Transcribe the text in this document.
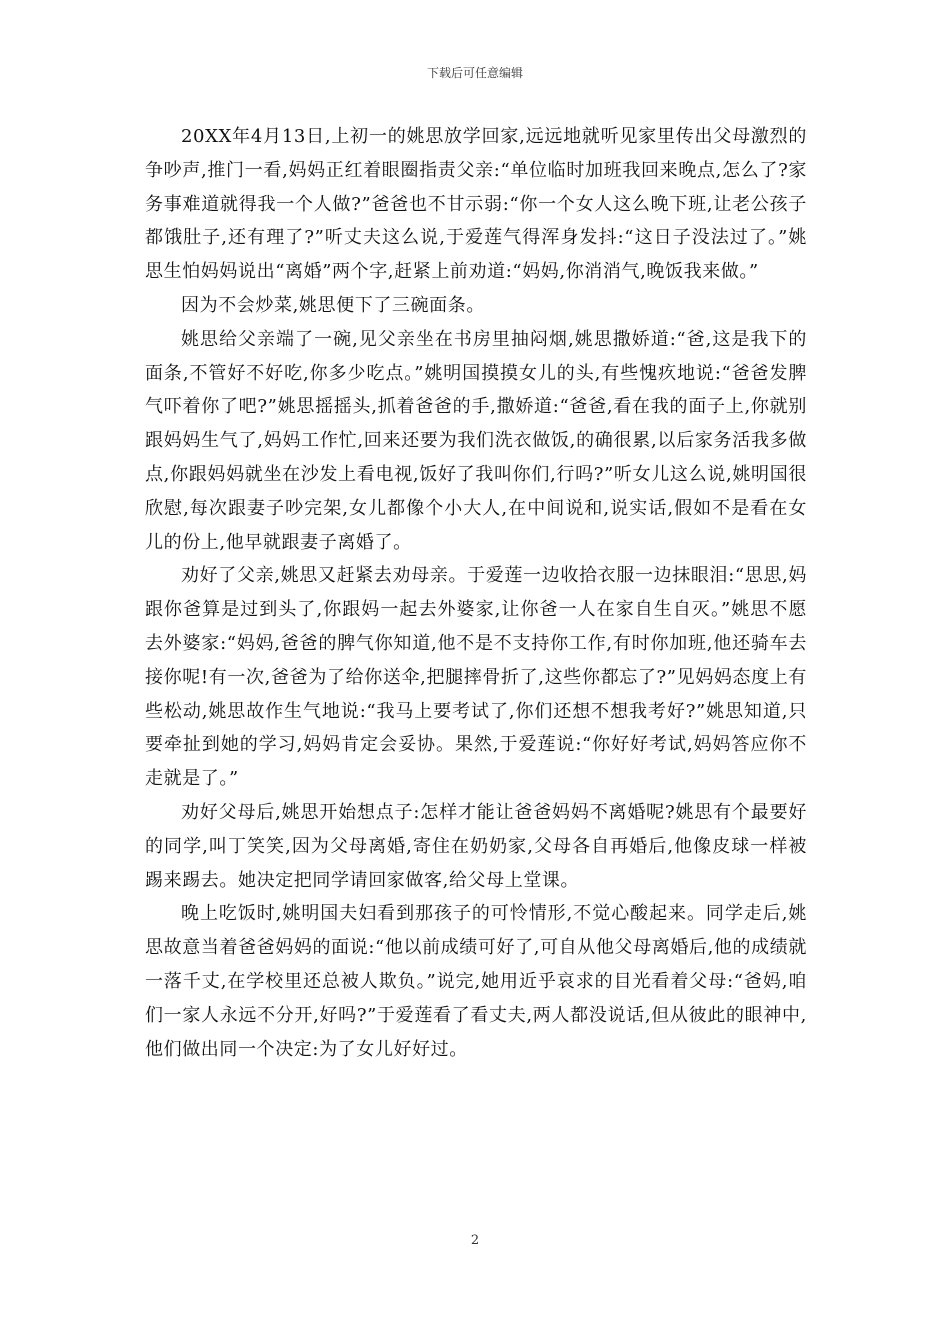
下载后可任意编辑

20XX年4月13日,上初一的姚思放学回家,远远地就听见家里传出父母激烈的争吵声,推门一看,妈妈正红着眼圈指责父亲:“单位临时加班我回来晚点,怎么了?家务事难道就得我一个人做?”爸爸也不甘示弱:“你一个女人这么晚下班,让老公孩子都饿肚子,还有理了?”听丈夫这么说,于爱莲气得浑身发抖:“这日子没法过了。”姚思生怕妈妈说出“离婚”两个字,赶紧上前劝道:“妈妈,你消消气,晚饭我来做。”

因为不会炒菜,姚思便下了三碗面条。

姚思给父亲端了一碗,见父亲坐在书房里抽闷烟,姚思撒娇道:“爸,这是我下的面条,不管好不好吃,你多少吃点。”姚明国摸摸女儿的头,有些愧疚地说:“爸爸发脾气吓着你了吧?”姚思摇摇头,抓着爸爸的手,撒娇道:“爸爸,看在我的面子上,你就别跟妈妈生气了,妈妈工作忙,回来还要为我们洗衣做饭,的确很累,以后家务活我多做点,你跟妈妈就坐在沙发上看电视,饭好了我叫你们,行吗?”听女儿这么说,姚明国很欣慰,每次跟妻子吵完架,女儿都像个小大人,在中间说和,说实话,假如不是看在女儿的份上,他早就跟妻子离婚了。

劝好了父亲,姚思又赶紧去劝母亲。于爱莲一边收拾衣服一边抹眼泪:“思思,妈跟你爸算是过到头了,你跟妈一起去外婆家,让你爸一人在家自生自灭。”姚思不愿去外婆家:“妈妈,爸爸的脾气你知道,他不是不支持你工作,有时你加班,他还骑车去接你呢!有一次,爸爸为了给你送伞,把腿摔骨折了,这些你都忘了?”见妈妈态度上有些松动,姚思故作生气地说:“我马上要考试了,你们还想不想我考好?”姚思知道,只要牵扯到她的学习,妈妈肯定会妥协。果然,于爱莲说:“你好好考试,妈妈答应你不走就是了。”

劝好父母后,姚思开始想点子:怎样才能让爸爸妈妈不离婚呢?姚思有个最要好的同学,叫丁笑笑,因为父母离婚,寄住在奶奶家,父母各自再婚后,他像皮球一样被踢来踢去。她决定把同学请回家做客,给父母上堂课。

晚上吃饭时,姚明国夫妇看到那孩子的可怜情形,不觉心酸起来。同学走后,姚思故意当着爸爸妈妈的面说:“他以前成绩可好了,可自从他父母离婚后,他的成绩就一落千丈,在学校里还总被人欺负。”说完,她用近乎哀求的目光看着父母:“爸妈,咱们一家人永远不分开,好吗?”于爱莲看了看丈夫,两人都没说话,但从彼此的眼神中,他们做出同一个决定:为了女儿好好过。

2
